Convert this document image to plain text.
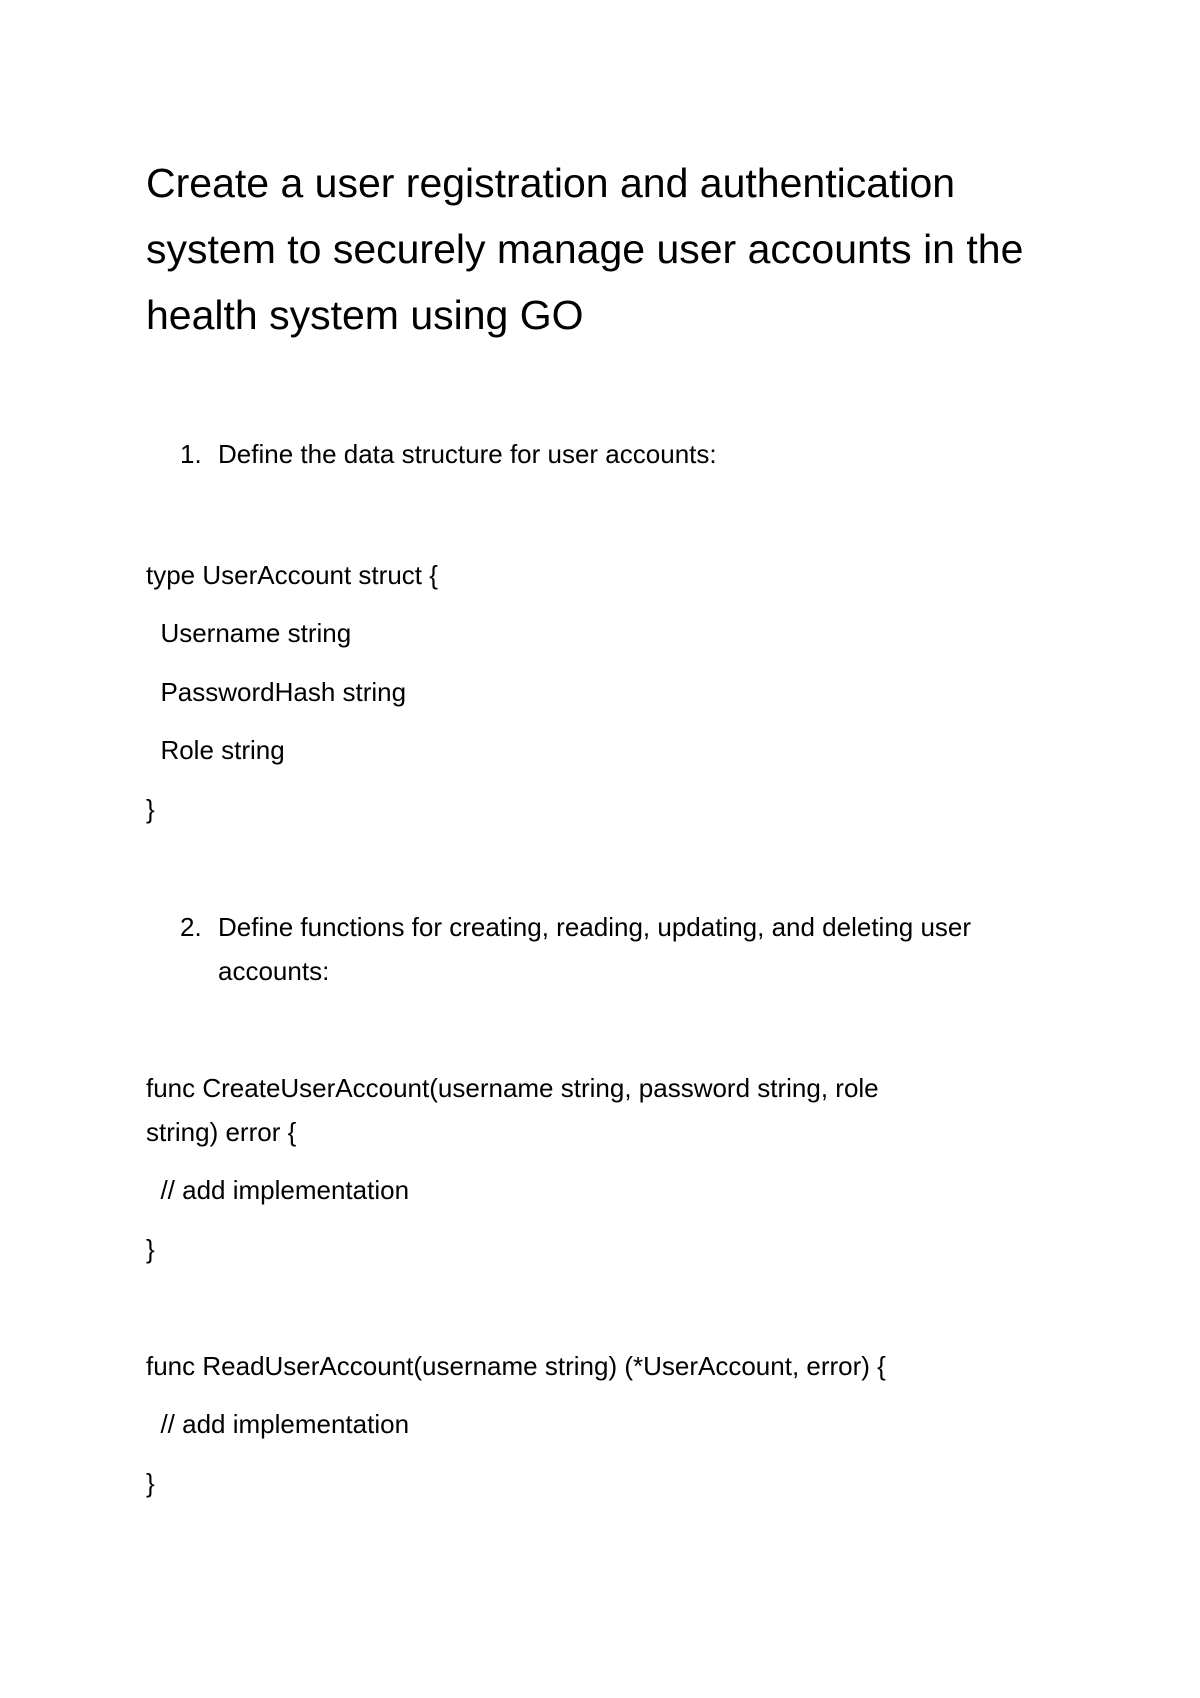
Create a user registration and authentication system to securely manage user accounts in the health system using GO
1. Define the data structure for user accounts:
type UserAccount struct {
Username string
PasswordHash string
Role string
}
2. Define functions for creating, reading, updating, and deleting user accounts:
func CreateUserAccount(username string, password string, role
string) error {
// add implementation
}
func ReadUserAccount(username string) (*UserAccount, error) {
// add implementation
}
